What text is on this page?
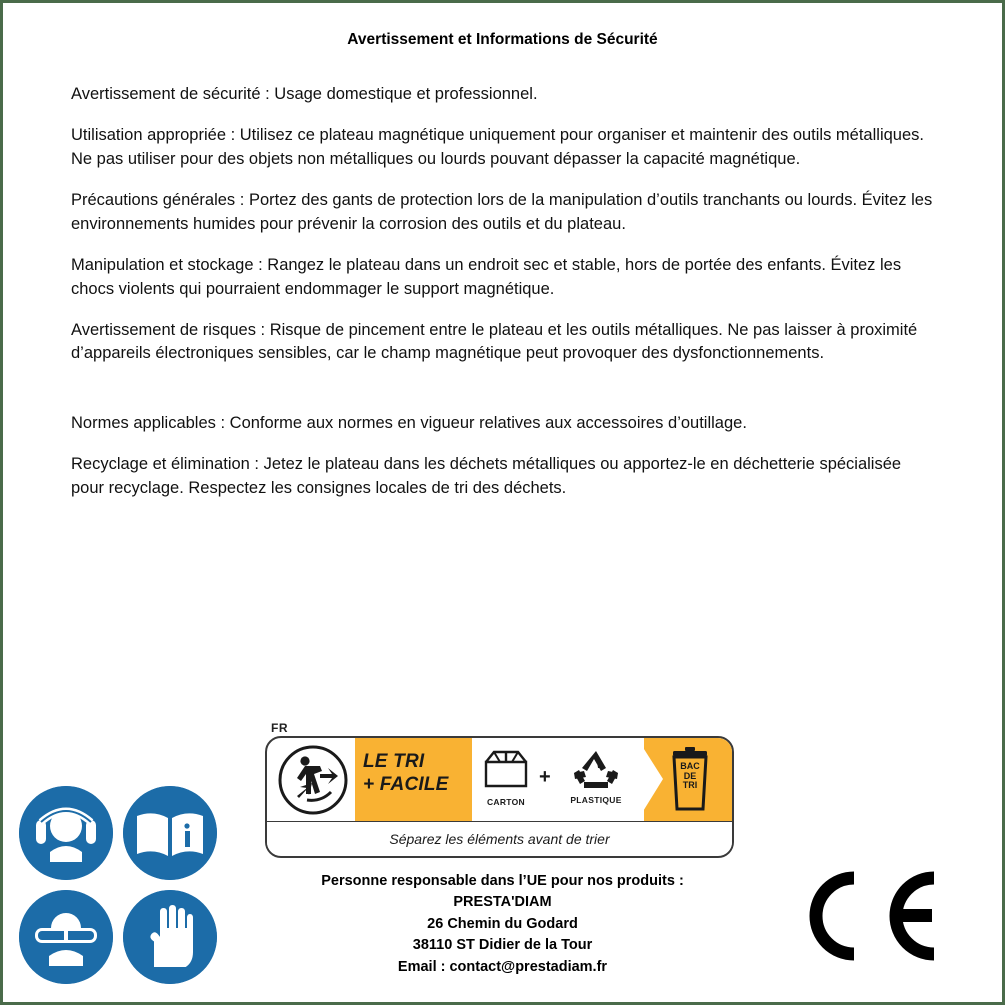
Avertissement et Informations de Sécurité

Avertissement de sécurité : Usage domestique et professionnel.

Utilisation appropriée : Utilisez ce plateau magnétique uniquement pour organiser et maintenir des outils métalliques. Ne pas utiliser pour des objets non métalliques ou lourds pouvant dépasser la capacité magnétique.

Précautions générales : Portez des gants de protection lors de la manipulation d’outils tranchants ou lourds. Évitez les environnements humides pour prévenir la corrosion des outils et du plateau.

Manipulation et stockage : Rangez le plateau dans un endroit sec et stable, hors de portée des enfants. Évitez les chocs violents qui pourraient endommager le support magnétique.

Avertissement de risques : Risque de pincement entre le plateau et les outils métalliques. Ne pas laisser à proximité d’appareils électroniques sensibles, car le champ magnétique peut provoquer des dysfonctionnements.

Normes applicables : Conforme aux normes en vigueur relatives aux accessoires d’outillage.

Recyclage et élimination : Jetez le plateau dans les déchets métalliques ou apportez-le en déchetterie spécialisée pour recyclage. Respectez les consignes locales de tri des déchets.

FR
LE TRI
+ FACILE
CARTON
+
PLASTIQUE
BAC
DE
TRI
Séparez les éléments avant de trier
Personne responsable dans l’UE pour nos produits :
PRESTA'DIAM
26 Chemin du Godard
38110 ST Didier de la Tour
Email : contact@prestadiam.fr
